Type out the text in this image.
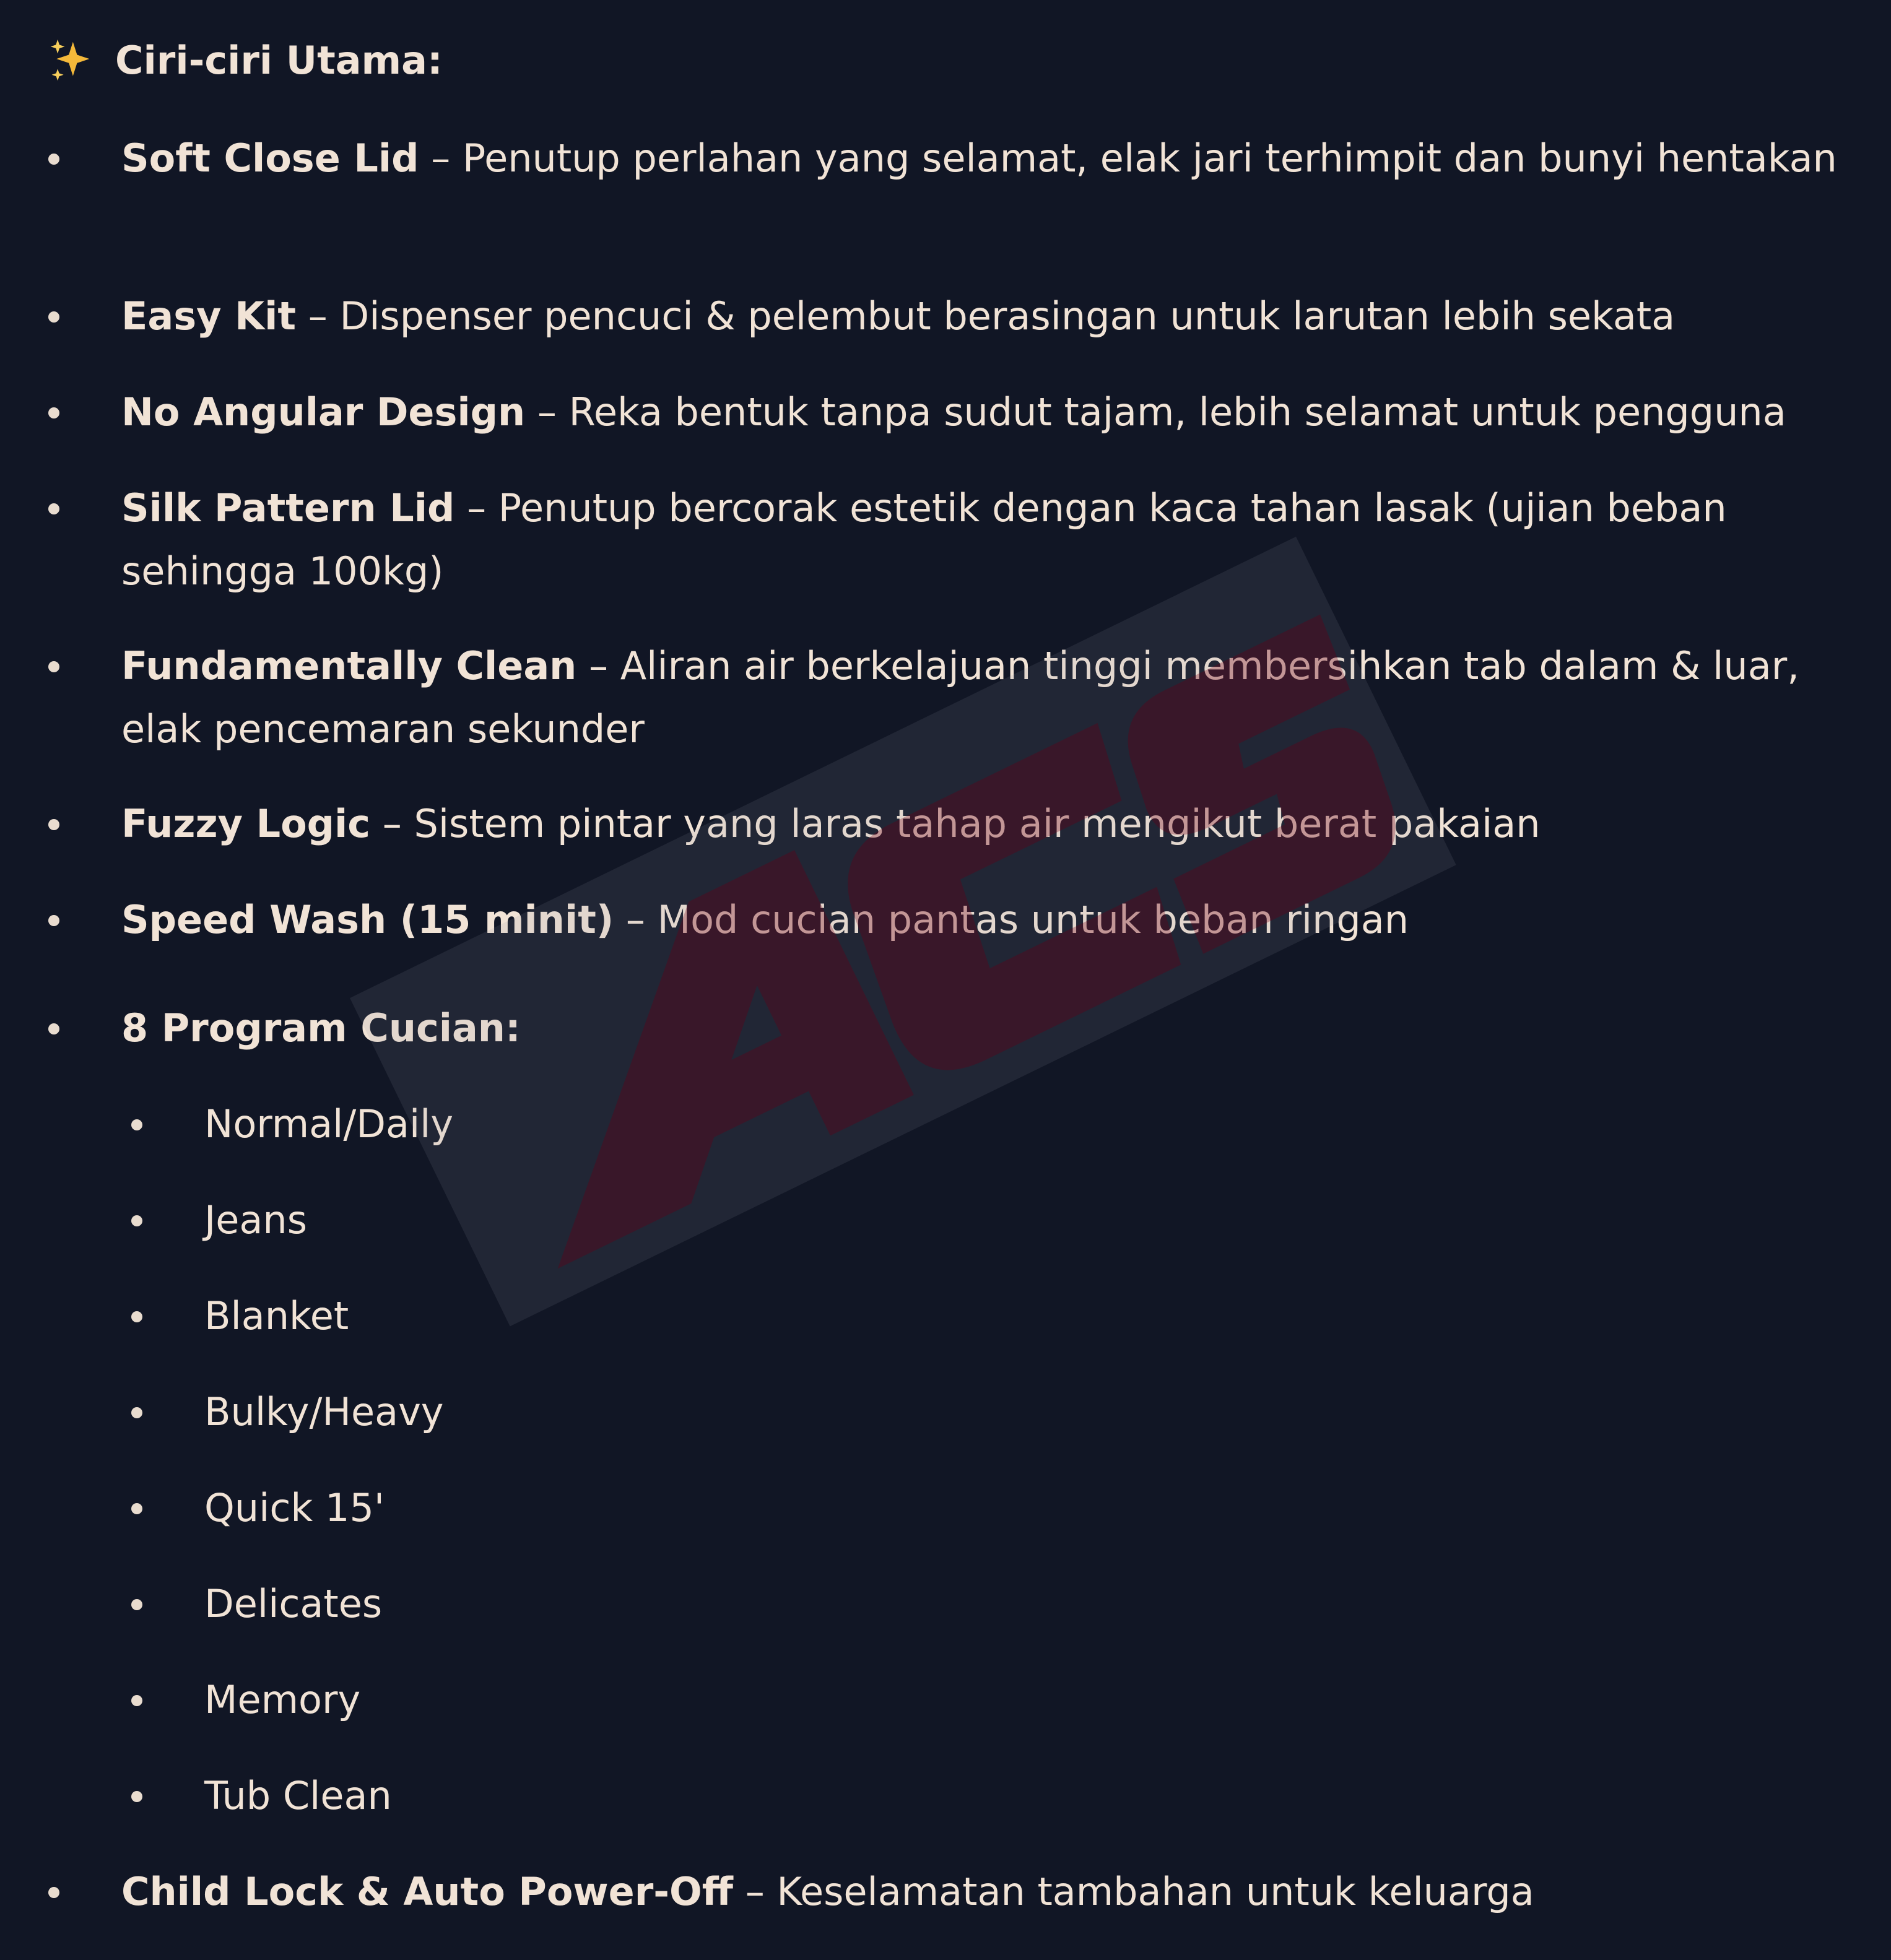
Ciri-ciri Utama:

Soft Close Lid – Penutup perlahan yang selamat, elak jari terhimpit dan bunyi hentakan

Easy Kit – Dispenser pencuci & pelembut berasingan untuk larutan lebih sekata

No Angular Design – Reka bentuk tanpa sudut tajam, lebih selamat untuk pengguna

Silk Pattern Lid – Penutup bercorak estetik dengan kaca tahan lasak (ujian beban sehingga 100kg)

Fundamentally Clean – Aliran air berkelajuan tinggi membersihkan tab dalam & luar, elak pencemaran sekunder

Fuzzy Logic – Sistem pintar yang laras tahap air mengikut berat pakaian

Speed Wash (15 minit) – Mod cucian pantas untuk beban ringan

8 Program Cucian:

Normal/Daily

Jeans

Blanket

Bulky/Heavy

Quick 15'

Delicates

Memory

Tub Clean

Child Lock & Auto Power-Off – Keselamatan tambahan untuk keluarga
